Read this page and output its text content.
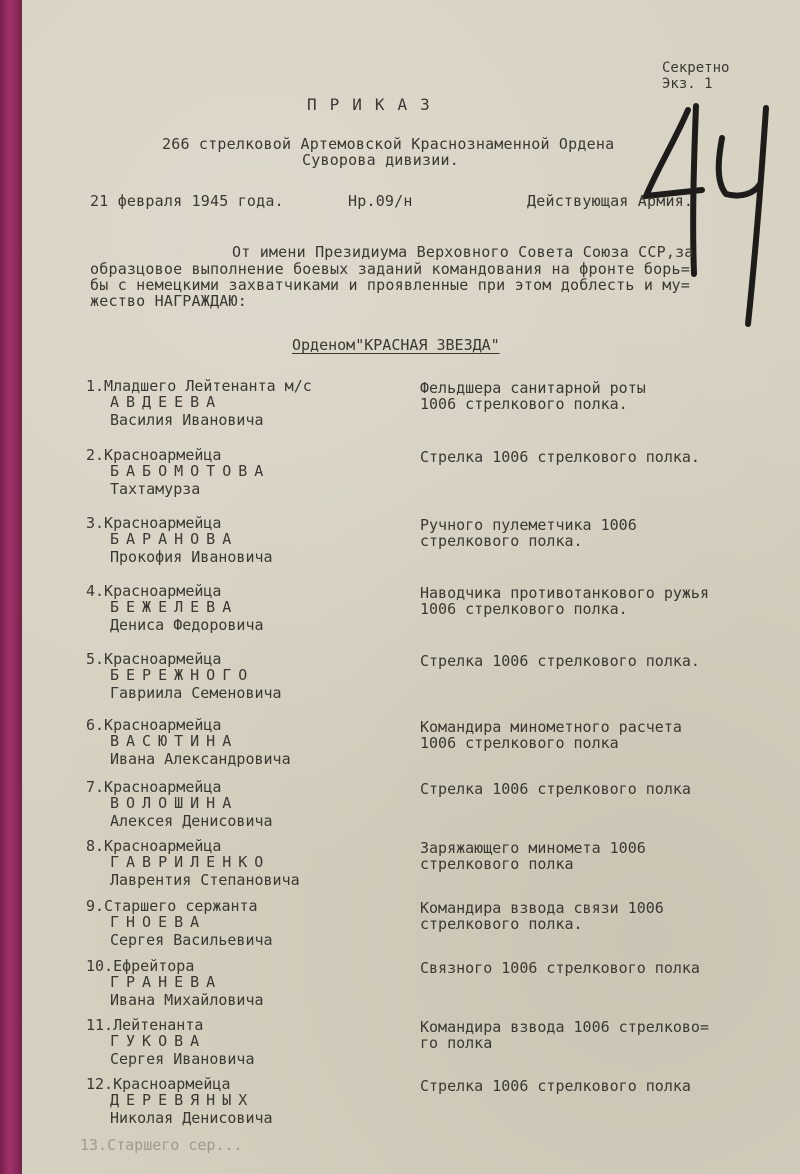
Секретно
Экз. 1
ПРИКАЗ
266 стрелковой Артемовской Краснознаменной Ордена
Суворова дивизии.
21 февраля 1945 года.	Нр.09/н	Действующая Армия.
От имени Президиума Верховного Совета Союза ССР,за
образцовое выполнение боевых заданий командования на фронте борь=
бы с немецкими захватчиками и проявленные при этом доблесть и му=
жество НАГРАЖДАЮ:
Орденом"КРАСНАЯ ЗВЕЗДА"
1.Младшего Лейтенанта м/с
АВДЕЕВА
Василия Ивановича
Фельдшера санитарной роты
1006 стрелкового полка.
2.Красноармейца
БАБОМОТОВА
Тахтамурза
Стрелка 1006 стрелкового полка.
3.Красноармейца
БАРАНОВА
Прокофия Ивановича
Ручного пулеметчика 1006
стрелкового полка.
4.Красноармейца
БЕЖЕЛЕВА
Дениса Федоровича
Наводчика противотанкового ружья
1006 стрелкового полка.
5.Красноармейца
БЕРЕЖНОГО
Гавриила Семеновича
Стрелка 1006 стрелкового полка.
6.Красноармейца
ВАСЮТИНА
Ивана Александровича
Командира минометного расчета
1006 стрелкового полка
7.Красноармейца
ВОЛОШИНА
Алексея Денисовича
Стрелка 1006 стрелкового полка
8.Красноармейца
ГАВРИЛЕНКО
Лаврентия Степановича
Заряжающего миномета 1006
стрелкового полка
9.Старшего сержанта
ГНОЕВА
Сергея Васильевича
Командира взвода связи 1006
стрелкового полка.
10.Ефрейтора
ГРАНЕВА
Ивана Михайловича
Связного 1006 стрелкового полка
11.Лейтенанта
ГУКОВА
Сергея Ивановича
Командира взвода 1006 стрелково=
го полка
12.Красноармейца
ДЕРЕВЯНЫХ
Николая Денисовича
Стрелка 1006 стрелкового полка
13.Старшего сер...
